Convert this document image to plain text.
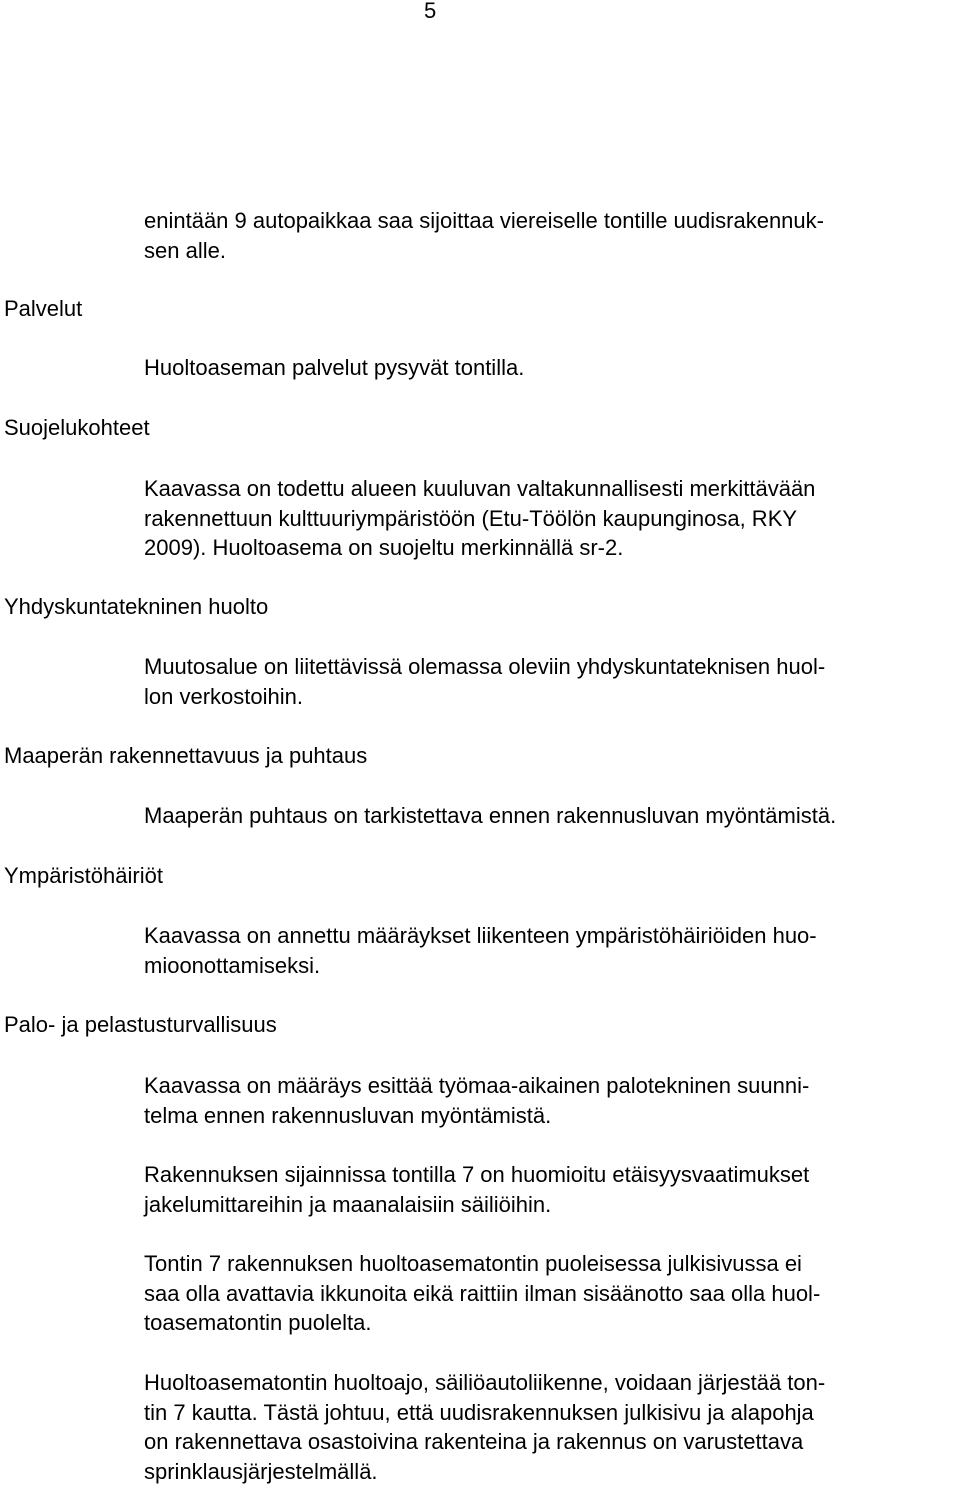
5

enintään 9 autopaikkaa saa sijoittaa viereiselle tontille uudisrakennuk-
sen alle.

Palvelut

Huoltoaseman palvelut pysyvät tontilla.

Suojelukohteet

Kaavassa on todettu alueen kuuluvan valtakunnallisesti merkittävään
rakennettuun kulttuuriympäristöön (Etu-Töölön kaupunginosa, RKY
2009). Huoltoasema on suojeltu merkinnällä sr-2.

Yhdyskuntatekninen huolto

Muutosalue on liitettävissä olemassa oleviin yhdyskuntateknisen huol-
lon verkostoihin.

Maaperän rakennettavuus ja puhtaus

Maaperän puhtaus on tarkistettava ennen rakennusluvan myöntämistä.

Ympäristöhäiriöt

Kaavassa on annettu määräykset liikenteen ympäristöhäiriöiden huo-
mioonottamiseksi.

Palo- ja pelastusturvallisuus

Kaavassa on määräys esittää työmaa-aikainen palotekninen suunni-
telma ennen rakennusluvan myöntämistä.

Rakennuksen sijainnissa tontilla 7 on huomioitu etäisyysvaatimukset
jakelumittareihin ja maanalaisiin säiliöihin.

Tontin 7 rakennuksen huoltoasematontin puoleisessa julkisivussa ei
saa olla avattavia ikkunoita eikä raittiin ilman sisäänotto saa olla huol-
toasematontin puolelta.

Huoltoasematontin huoltoajo, säiliöautoliikenne, voidaan järjestää ton-
tin 7 kautta. Tästä johtuu, että uudisrakennuksen julkisivu ja alapohja
on rakennettava osastoivina rakenteina ja rakennus on varustettava
sprinklausjärjestelmällä.
